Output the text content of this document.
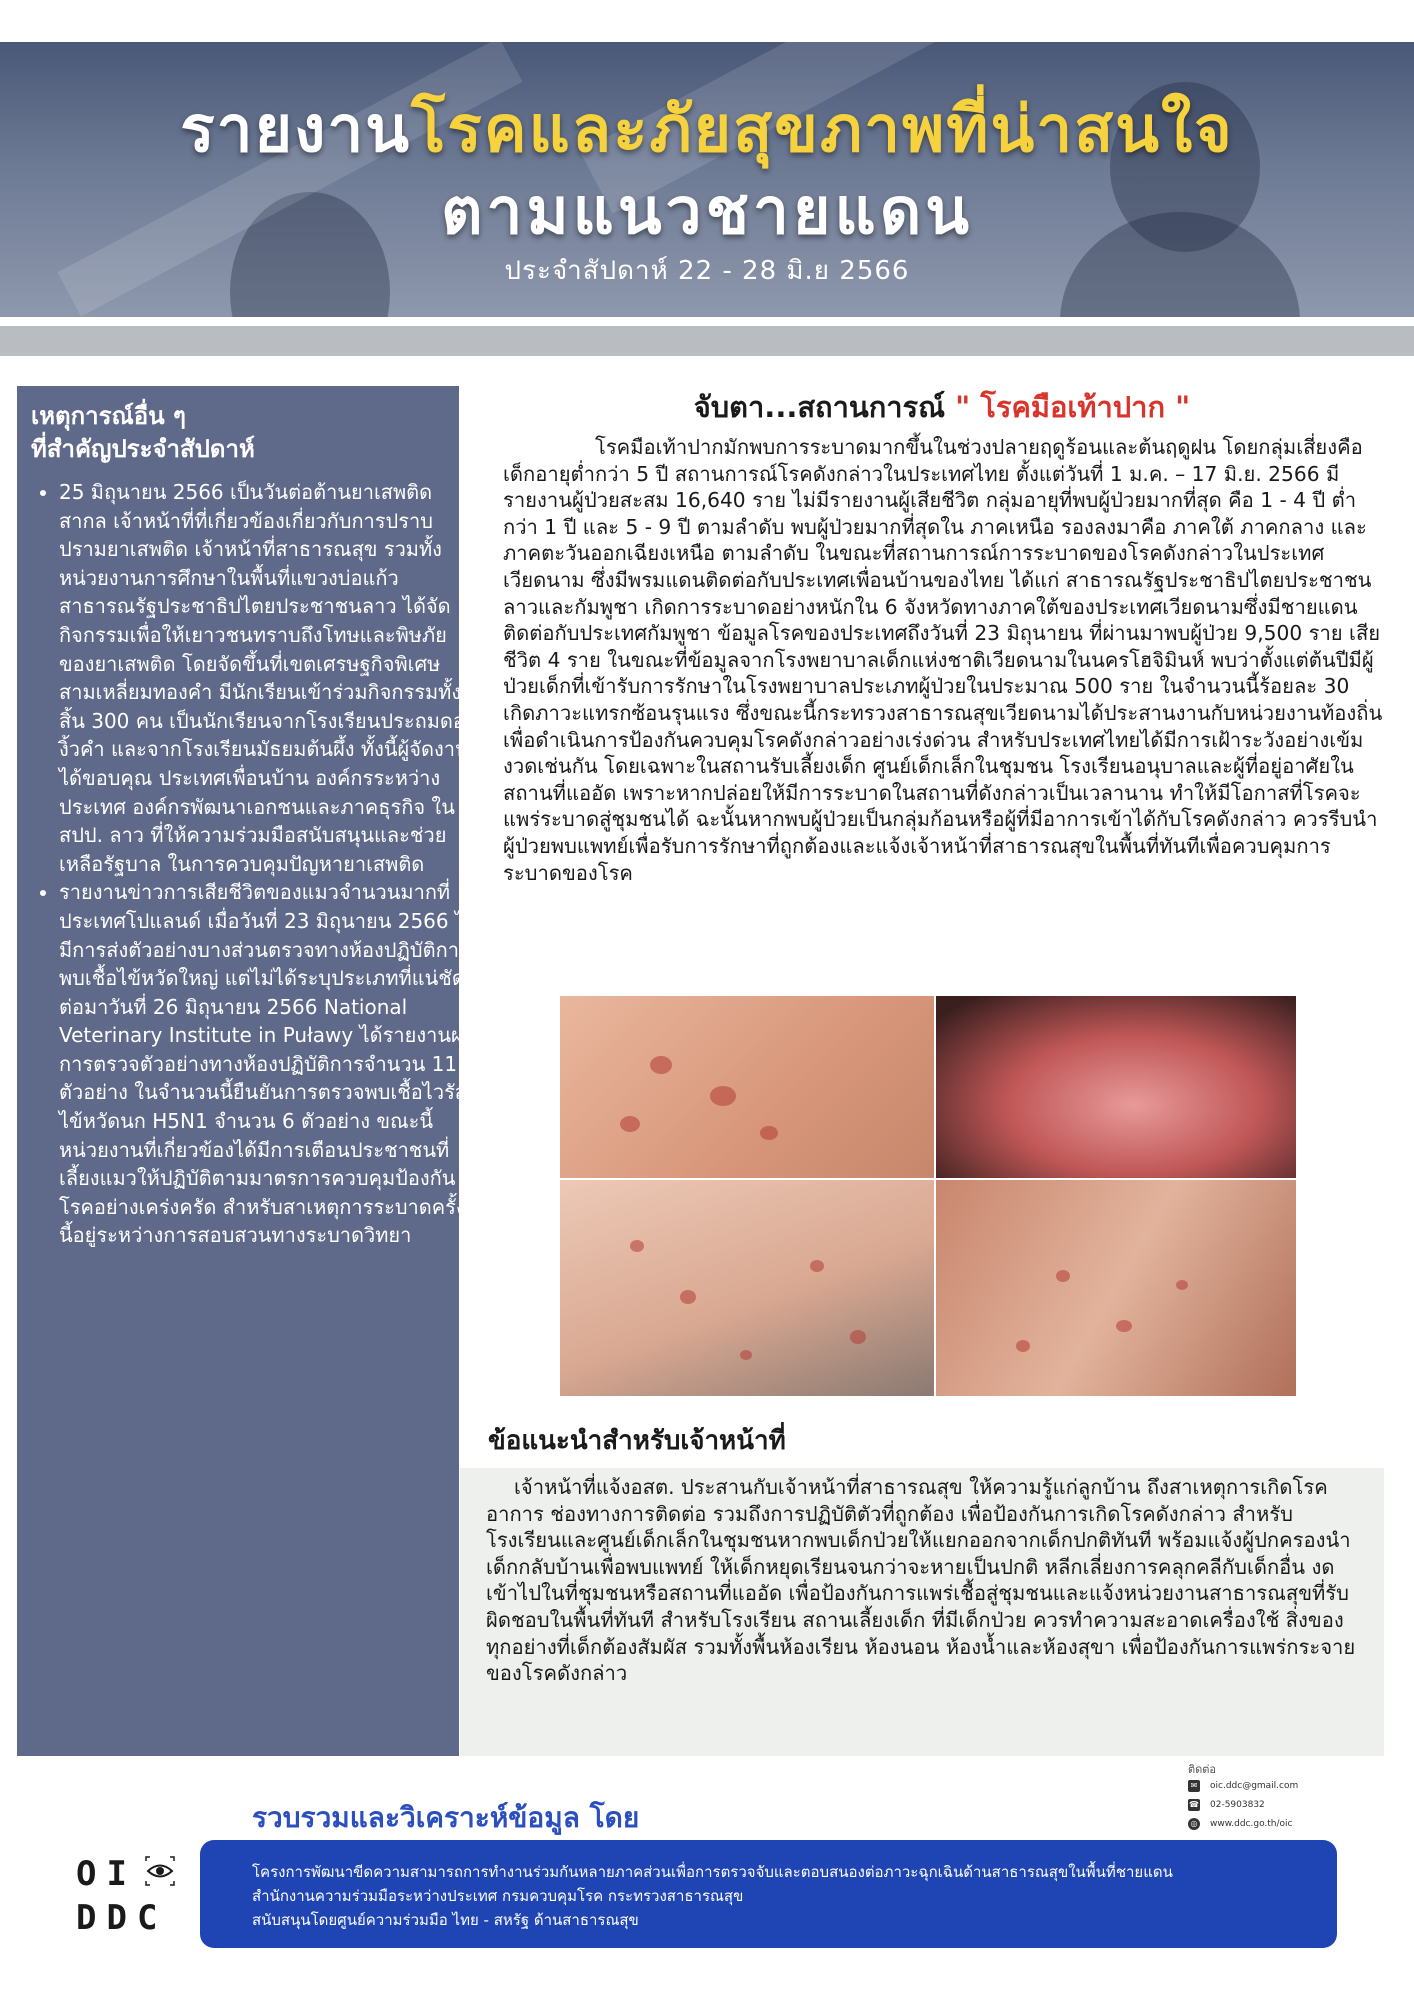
รายงานโรคและภัยสุขภาพที่น่าสนใจ
ตามแนวชายแดน
ประจำสัปดาห์ 22 - 28 มิ.ย 2566
เหตุการณ์อื่น ๆ
ที่สำคัญประจำสัปดาห์
• 25 มิถุนายน 2566 เป็นวันต่อต้านยาเสพติดสากล เจ้าหน้าที่ที่เกี่ยวข้องเกี่ยวกับการปราบปรามยาเสพติด เจ้าหน้าที่สาธารณสุข รวมทั้งหน่วยงานการศึกษาในพื้นที่แขวงบ่อแก้ว สาธารณรัฐประชาธิปไตยประชาชนลาว ได้จัดกิจกรรมเพื่อให้เยาวชนทราบถึงโทษและพิษภัยของยาเสพติด โดยจัดขึ้นที่เขตเศรษฐกิจพิเศษสามเหลี่ยมทองคำ มีนักเรียนเข้าร่วมกิจกรรมทั้งสิ้น 300 คน เป็นนักเรียนจากโรงเรียนประถมดอกงิ้วคำ และจากโรงเรียนมัธยมต้นผึ้ง ทั้งนี้ผู้จัดงานได้ขอบคุณ ประเทศเพื่อนบ้าน องค์กรระหว่างประเทศ องค์กรพัฒนาเอกชนและภาคธุรกิจ ใน สปป. ลาว ที่ให้ความร่วมมือสนับสนุนและช่วยเหลือรัฐบาล ในการควบคุมปัญหายาเสพติด
• รายงานข่าวการเสียชีวิตของแมวจำนวนมากที่ประเทศโปแลนด์ เมื่อวันที่ 23 มิถุนายน 2566 ได้มีการส่งตัวอย่างบางส่วนตรวจทางห้องปฏิบัติการ พบเชื้อไข้หวัดใหญ่ แต่ไม่ได้ระบุประเภทที่แน่ชัด ต่อมาวันที่ 26 มิถุนายน 2566 National Veterinary Institute in Puławy ได้รายงานผลการตรวจตัวอย่างทางห้องปฏิบัติการจำนวน 11 ตัวอย่าง ในจำนวนนี้ยืนยันการตรวจพบเชื้อไวรัสไข้หวัดนก H5N1 จำนวน 6 ตัวอย่าง ขณะนี้หน่วยงานที่เกี่ยวข้องได้มีการเตือนประชาชนที่เลี้ยงแมวให้ปฏิบัติตามมาตรการควบคุมป้องกันโรคอย่างเคร่งครัด สำหรับสาเหตุการระบาดครั้งนี้อยู่ระหว่างการสอบสวนทางระบาดวิทยา
จับตา...สถานการณ์ " โรคมือเท้าปาก "

โรคมือเท้าปากมักพบการระบาดมากขึ้นในช่วงปลายฤดูร้อนและต้นฤดูฝน โดยกลุ่มเสี่ยงคือเด็กอายุต่ำกว่า 5 ปี สถานการณ์โรคดังกล่าวในประเทศไทย ตั้งแต่วันที่ 1 ม.ค. – 17 มิ.ย. 2566 มีรายงานผู้ป่วยสะสม 16,640 ราย ไม่มีรายงานผู้เสียชีวิต กลุ่มอายุที่พบผู้ป่วยมากที่สุด คือ 1 - 4 ปี ต่ำกว่า 1 ปี และ 5 - 9 ปี ตามลำดับ พบผู้ป่วยมากที่สุดใน ภาคเหนือ รองลงมาคือ ภาคใต้ ภาคกลาง และภาคตะวันออกเฉียงเหนือ ตามลำดับ ในขณะที่สถานการณ์การระบาดของโรคดังกล่าวในประเทศเวียดนาม ซึ่งมีพรมแดนติดต่อกับประเทศเพื่อนบ้านของไทย ได้แก่ สาธารณรัฐประชาธิปไตยประชาชนลาวและกัมพูชา เกิดการระบาดอย่างหนักใน 6 จังหวัดทางภาคใต้ของประเทศเวียดนามซึ่งมีชายแดนติดต่อกับประเทศกัมพูชา ข้อมูลโรคของประเทศถึงวันที่ 23 มิถุนายน ที่ผ่านมาพบผู้ป่วย 9,500 ราย เสียชีวิต 4 ราย ในขณะที่ข้อมูลจากโรงพยาบาลเด็กแห่งชาติเวียดนามในนครโฮจิมินห์ พบว่าตั้งแต่ต้นปีมีผู้ป่วยเด็กที่เข้ารับการรักษาในโรงพยาบาลประเภทผู้ป่วยในประมาณ 500 ราย ในจำนวนนี้ร้อยละ 30 เกิดภาวะแทรกซ้อนรุนแรง ซึ่งขณะนี้กระทรวงสาธารณสุขเวียดนามได้ประสานงานกับหน่วยงานท้องถิ่นเพื่อดำเนินการป้องกันควบคุมโรคดังกล่าวอย่างเร่งด่วน สำหรับประเทศไทยได้มีการเฝ้าระวังอย่างเข้มงวดเช่นกัน โดยเฉพาะในสถานรับเลี้ยงเด็ก ศูนย์เด็กเล็กในชุมชน โรงเรียนอนุบาลและผู้ที่อยู่อาศัยในสถานที่แออัด เพราะหากปล่อยให้มีการระบาดในสถานที่ดังกล่าวเป็นเวลานาน ทำให้มีโอกาสที่โรคจะแพร่ระบาดสู่ชุมชนได้ ฉะนั้นหากพบผู้ป่วยเป็นกลุ่มก้อนหรือผู้ที่มีอาการเข้าได้กับโรคดังกล่าว ควรรีบนำผู้ป่วยพบแพทย์เพื่อรับการรักษาที่ถูกต้องและแจ้งเจ้าหน้าที่สาธารณสุขในพื้นที่ทันทีเพื่อควบคุมการระบาดของโรค

ข้อแนะนำสำหรับเจ้าหน้าที่

เจ้าหน้าที่แจ้งอสต. ประสานกับเจ้าหน้าที่สาธารณสุข ให้ความรู้แก่ลูกบ้าน ถึงสาเหตุการเกิดโรค อาการ ช่องทางการติดต่อ รวมถึงการปฏิบัติตัวที่ถูกต้อง เพื่อป้องกันการเกิดโรคดังกล่าว สำหรับโรงเรียนและศูนย์เด็กเล็กในชุมชนหากพบเด็กป่วยให้แยกออกจากเด็กปกติทันที พร้อมแจ้งผู้ปกครองนำเด็กกลับบ้านเพื่อพบแพทย์ ให้เด็กหยุดเรียนจนกว่าจะหายเป็นปกติ หลีกเลี่ยงการคลุกคลีกับเด็กอื่น งดเข้าไปในที่ชุมชนหรือสถานที่แออัด เพื่อป้องกันการแพร่เชื้อสู่ชุมชนและแจ้งหน่วยงานสาธารณสุขที่รับผิดชอบในพื้นที่ทันที สำหรับโรงเรียน สถานเลี้ยงเด็ก ที่มีเด็กป่วย ควรทำความสะอาดเครื่องใช้ สิ่งของทุกอย่างที่เด็กต้องสัมผัส รวมทั้งพื้นห้องเรียน ห้องนอน ห้องน้ำและห้องสุขา เพื่อป้องกันการแพร่กระจายของโรคดังกล่าว

รวบรวมและวิเคราะห์ข้อมูล โดย
ติดต่อ
✉ oic.ddc@gmail.com
☎ 02-5903832
◎ www.ddc.go.th/oic
OI
DDC
โครงการพัฒนาขีดความสามารถการทำงานร่วมกันหลายภาคส่วนเพื่อการตรวจจับและตอบสนองต่อภาวะฉุกเฉินด้านสาธารณสุขในพื้นที่ชายแดน
สำนักงานความร่วมมือระหว่างประเทศ กรมควบคุมโรค กระทรวงสาธารณสุข
สนับสนุนโดยศูนย์ความร่วมมือ ไทย - สหรัฐ ด้านสาธารณสุข
